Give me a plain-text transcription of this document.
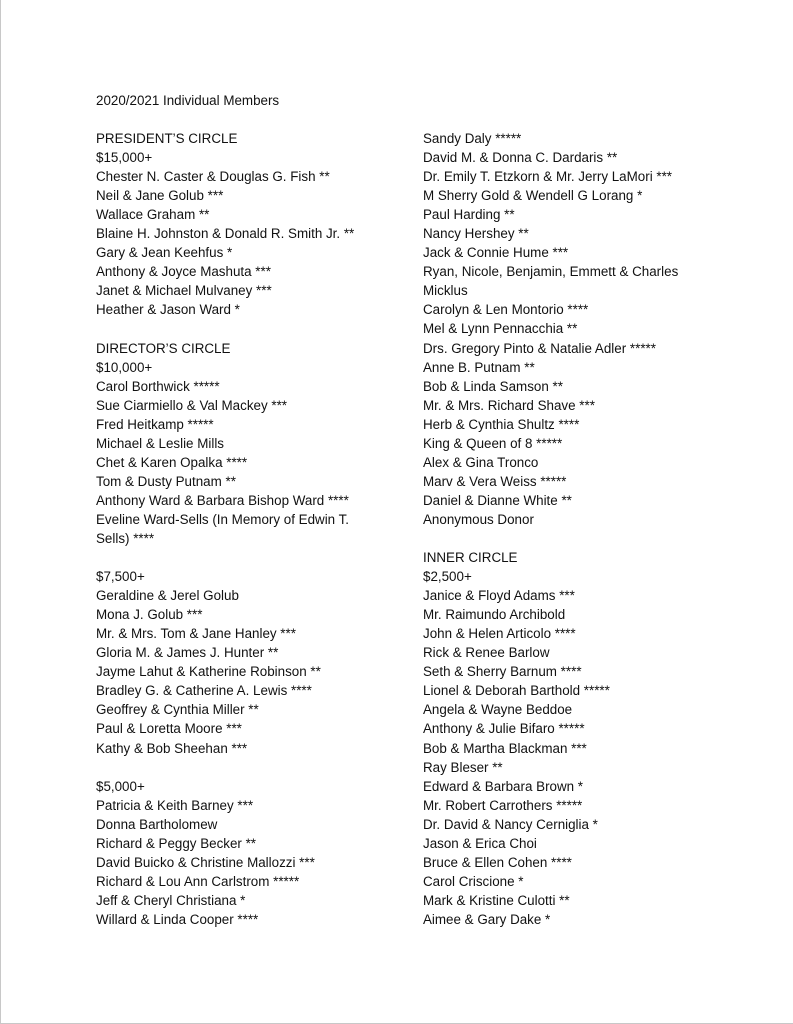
2020/2021 Individual Members
PRESIDENT’S CIRCLE
$15,000+
Chester N. Caster & Douglas G. Fish **
Neil & Jane Golub ***
Wallace Graham **
Blaine H. Johnston & Donald R. Smith Jr. **
Gary & Jean Keehfus *
Anthony & Joyce Mashuta ***
Janet & Michael Mulvaney ***
Heather & Jason Ward *
DIRECTOR’S CIRCLE
$10,000+
Carol Borthwick *****
Sue Ciarmiello & Val Mackey ***
Fred Heitkamp *****
Michael & Leslie Mills
Chet & Karen Opalka ****
Tom & Dusty Putnam **
Anthony Ward & Barbara Bishop Ward ****
Eveline Ward-Sells (In Memory of Edwin T.
Sells) ****
$7,500+
Geraldine & Jerel Golub
Mona J. Golub ***
Mr. & Mrs. Tom & Jane Hanley ***
Gloria M. & James J. Hunter **
Jayme Lahut & Katherine Robinson **
Bradley G. & Catherine A. Lewis ****
Geoffrey & Cynthia Miller **
Paul & Loretta Moore ***
Kathy & Bob Sheehan ***
$5,000+
Patricia & Keith Barney ***
Donna Bartholomew
Richard & Peggy Becker **
David Buicko & Christine Mallozzi ***
Richard & Lou Ann Carlstrom *****
Jeff & Cheryl Christiana *
Willard & Linda Cooper ****
Sandy Daly *****
David M. & Donna C. Dardaris **
Dr. Emily T. Etzkorn & Mr. Jerry LaMori ***
M Sherry Gold & Wendell G Lorang *
Paul Harding **
Nancy Hershey **
Jack & Connie Hume ***
Ryan, Nicole, Benjamin, Emmett & Charles
Micklus
Carolyn & Len Montorio ****
Mel & Lynn Pennacchia **
Drs. Gregory Pinto & Natalie Adler *****
Anne B. Putnam **
Bob & Linda Samson **
Mr. & Mrs. Richard Shave ***
Herb & Cynthia Shultz ****
King & Queen of 8 *****
Alex & Gina Tronco
Marv & Vera Weiss *****
Daniel & Dianne White **
Anonymous Donor
INNER CIRCLE
$2,500+
Janice & Floyd Adams ***
Mr. Raimundo Archibold
John & Helen Articolo ****
Rick & Renee Barlow
Seth & Sherry Barnum ****
Lionel & Deborah Barthold *****
Angela & Wayne Beddoe
Anthony & Julie Bifaro *****
Bob & Martha Blackman ***
Ray Bleser **
Edward & Barbara Brown *
Mr. Robert Carrothers *****
Dr. David & Nancy Cerniglia *
Jason & Erica Choi
Bruce & Ellen Cohen ****
Carol Criscione *
Mark & Kristine Culotti **
Aimee & Gary Dake *
